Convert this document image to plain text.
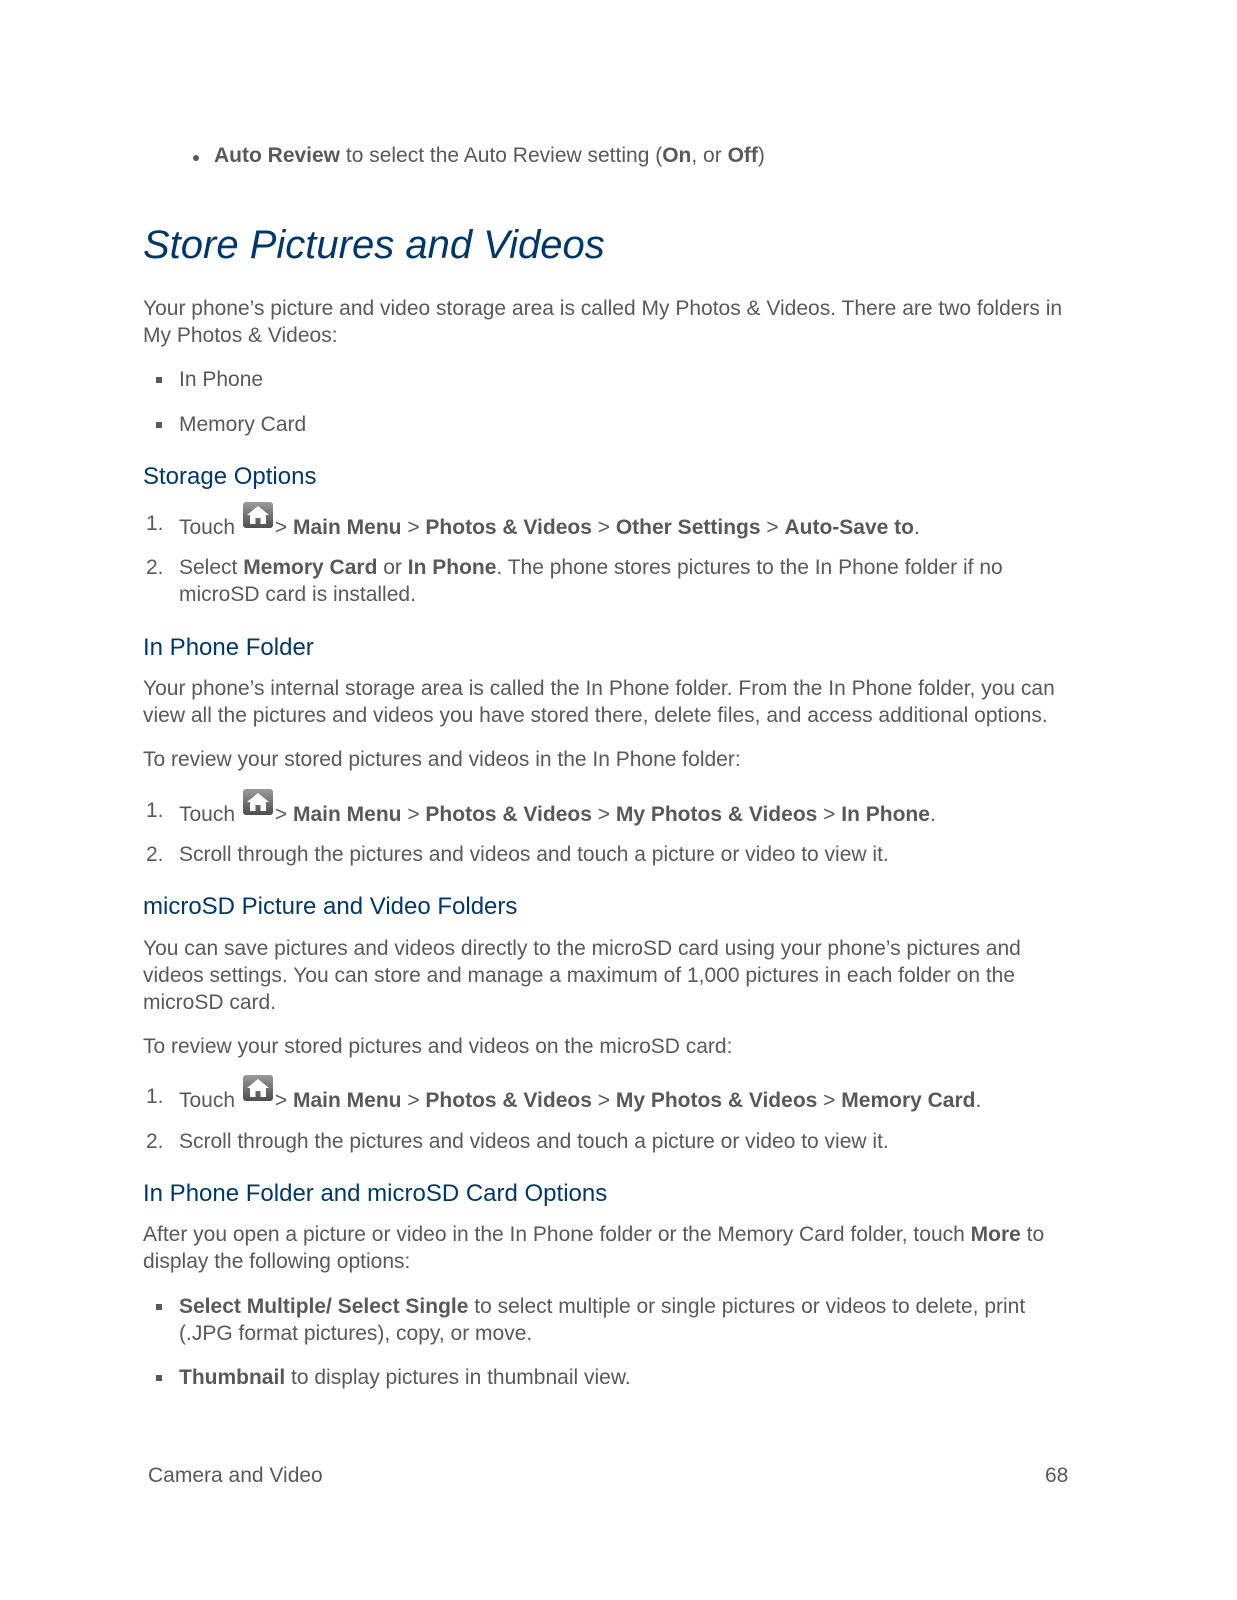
Auto Review to select the Auto Review setting (On, or Off)
Store Pictures and Videos
Your phone’s picture and video storage area is called My Photos & Videos. There are two folders in
My Photos & Videos:
In Phone
Memory Card
Storage Options
1. Touch
> Main Menu > Photos & Videos > Other Settings > Auto-Save to.
2. Select Memory Card or In Phone. The phone stores pictures to the In Phone folder if no
microSD card is installed.
In Phone Folder
Your phone’s internal storage area is called the In Phone folder. From the In Phone folder, you can
view all the pictures and videos you have stored there, delete files, and access additional options.
To review your stored pictures and videos in the In Phone folder:
1. Touch
> Main Menu > Photos & Videos > My Photos & Videos > In Phone.
2. Scroll through the pictures and videos and touch a picture or video to view it.
microSD Picture and Video Folders
You can save pictures and videos directly to the microSD card using your phone’s pictures and
videos settings. You can store and manage a maximum of 1,000 pictures in each folder on the
microSD card.
To review your stored pictures and videos on the microSD card:
1. Touch
> Main Menu > Photos & Videos > My Photos & Videos > Memory Card.
2. Scroll through the pictures and videos and touch a picture or video to view it.
In Phone Folder and microSD Card Options
After you open a picture or video in the In Phone folder or the Memory Card folder, touch More to
display the following options:
Select Multiple/ Select Single to select multiple or single pictures or videos to delete, print
(.JPG format pictures), copy, or move.
Thumbnail to display pictures in thumbnail view.
Camera and Video	68
